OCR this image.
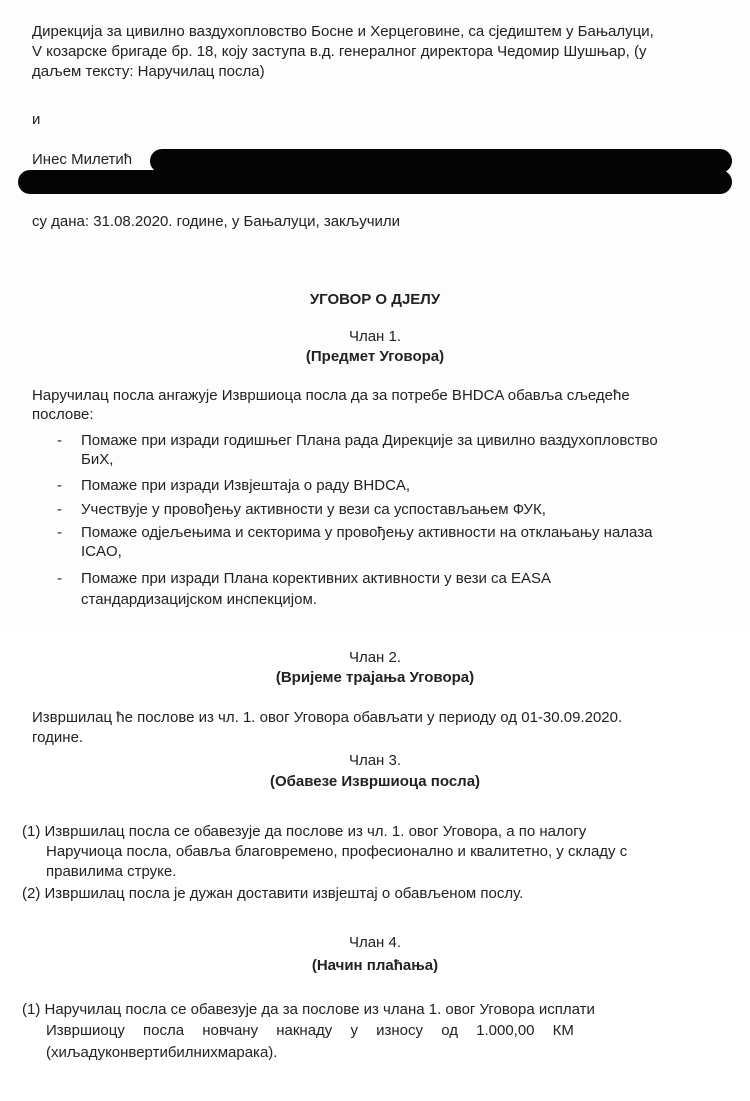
Дирекција за цивилно ваздухопловство Босне и Херцеговине, са сједиштем у Бањалуци,
V козарске бригаде бр. 18, коју заступа в.д. генералног директора Чедомир Шушњар, (у
даљем тексту: Наручилац посла)
и
Инес Милетић
су дана: 31.08.2020. године, у Бањалуци, закључили
УГОВОР О ДЈЕЛУ
Члан 1.
(Предмет Уговора)
Наручилац посла ангажује Извршиоца посла да за потребе BHDCA обавља сљедеће
послове:
- Помаже при изради годишњег Плана рада Дирекције за цивилно ваздухопловство
БиХ,
- Помаже при изради Извјештаја о раду BHDCA,
- Учествује у провођењу активности у вези са успостављањем ФУК,
- Помаже одјељењима и секторима у провођењу активности на отклањању налаза
ICAO,
- Помаже при изради Плана корективних активности у вези са EASA
стандардизацијском инспекцијом.
Члан 2.
(Вријеме трајања Уговора)
Извршилац ће послове из чл. 1. овог Уговора обављати у периоду од 01-30.09.2020.
године.
Члан 3.
(Обавезе Извршиоца посла)
(1) Извршилац посла се обавезује да послове из чл. 1. овог Уговора, а по налогу
Наручиоца посла, обавља благовремено, професионално и квалитетно, у складу с
правилима струке.
(2) Извршилац посла је дужан доставити извјештај о обављеном послу.
Члан 4.
(Начин плаћања)
(1) Наручилац посла се обавезује да за послове из члана 1. овог Уговора исплати
Извршиоцу посла новчану накнаду у износу од 1.000,00 КМ
(хиљадуконвертибилнихмарака).
